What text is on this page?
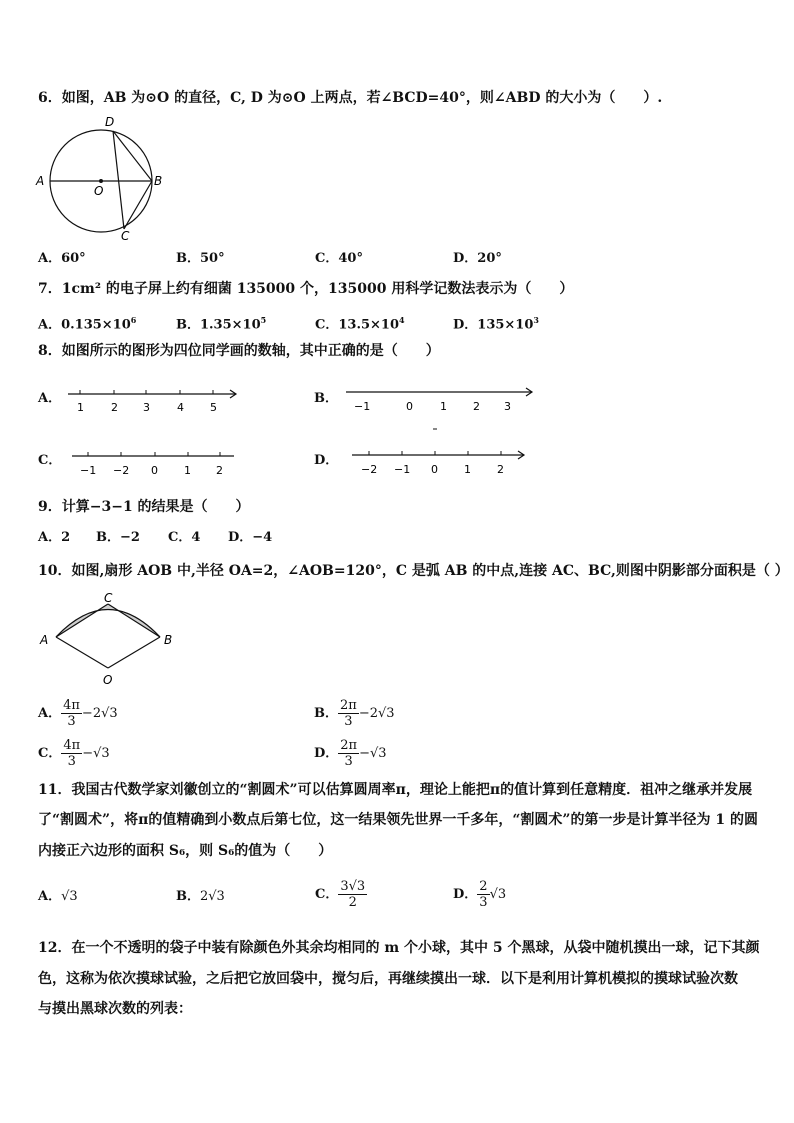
6．如图，AB 为⊙O 的直径，C, D 为⊙O 上两点，若∠BCD=40°，则∠ABD 的大小为（　　）.
D
A
O
B
C
A．60°	B．50°	C．40°	D．20°
7．1cm² 的电子屏上约有细菌 135000 个，135000 用科学记数法表示为（　　）
A．$0.135\times 10^6$	B．$1.35\times 10^5$	C．$13.5\times 10^4$	D．$135\times 10^3$
8．如图所示的图形为四位同学画的数轴，其中正确的是（　　）
A．
1 2 3 4 5
B．
−1	0 1 2 3
C．
−1 −2 0 1 2
D．
−2 −1 0 1 2
9．计算−3−1 的结果是（　　）
A．2 B．−2 C．4 D．−4
10．如图,扇形 AOB 中,半径 OA=2，∠AOB=120°，C 是弧 AB 的中点,连接 AC、BC,则图中阴影部分面积是（ ）
C
A	B
O
A． $\frac{4\pi}{3} -2√3$	B． $\frac{2\pi}{3} -2√3$
C． $\frac{4\pi}{3} -√3$	D． $\frac{2\pi}{3} -√3$
11．我国古代数学家刘徽创立的“割圆术”可以估算圆周率π，理论上能把π的值计算到任意精度．祖冲之继承并发展
了“割圆术”，将π的值精确到小数点后第七位，这一结果领先世界一千多年，“割圆术”的第一步是计算半径为 1 的圆
内接正六边形的面积 S₆，则 S₆的值为（　　）
A．√3	B．2√3	C． $\frac{3√3}{2}$	D． $\frac{2}{3} √3$
12．在一个不透明的袋子中装有除颜色外其余均相同的 m 个小球，其中 5 个黑球，从袋中随机摸出一球，记下其颜
色，这称为依次摸球试验，之后把它放回袋中，搅匀后，再继续摸出一球．以下是利用计算机模拟的摸球试验次数
与摸出黑球次数的列表：
